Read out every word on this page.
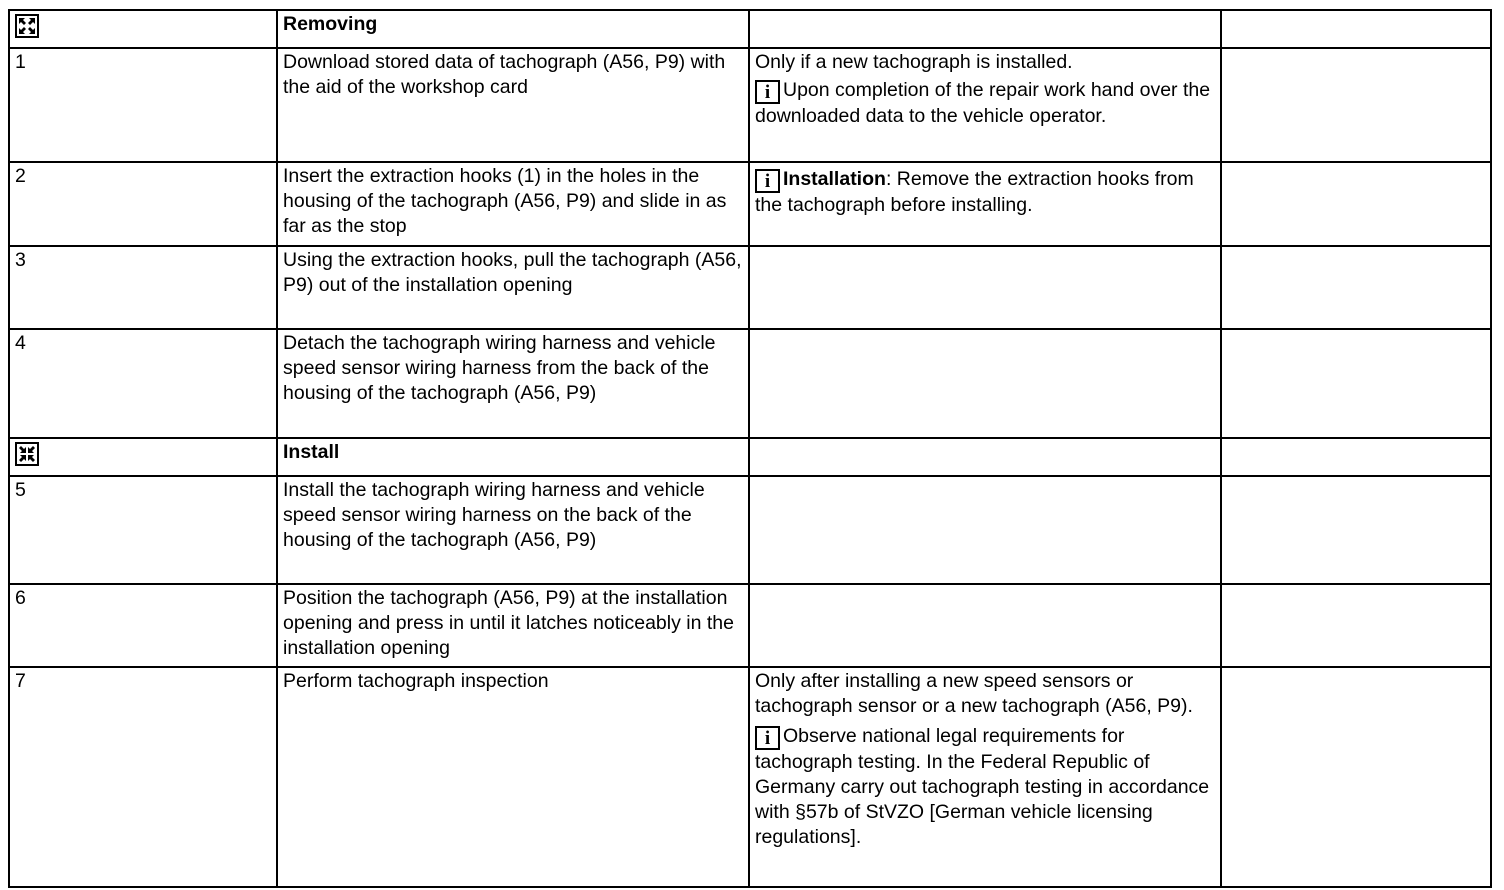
	Removing		
1	Download stored data of tachograph (A56, P9) with the aid of the workshop card	Only if a new tachograph is installed.

i Upon completion of the repair work hand over the downloaded data to the vehicle operator.	

2	Insert the extraction hooks (1) in the holes in the housing of the tachograph (A56, P9) and slide in as far as the stop	i Installation: Remove the extraction hooks from the tachograph before installing.	

3	Using the extraction hooks, pull the tachograph (A56, P9) out of the installation opening		
4	Detach the tachograph wiring harness and vehicle speed sensor wiring harness from the back of the housing of the tachograph (A56, P9)		

	Install		
5	Install the tachograph wiring harness and vehicle speed sensor wiring harness on the back of the housing of the tachograph (A56, P9)		
6	Position the tachograph (A56, P9) at the installation opening and press in until it latches noticeably in the installation opening		
7	Perform tachograph inspection	Only after installing a new speed sensors or tachograph sensor or a new tachograph (A56, P9).

i Observe national legal requirements for tachograph testing. In the Federal Republic of Germany carry out tachograph testing in accordance with §57b of StVZO [German vehicle licensing regulations].	
